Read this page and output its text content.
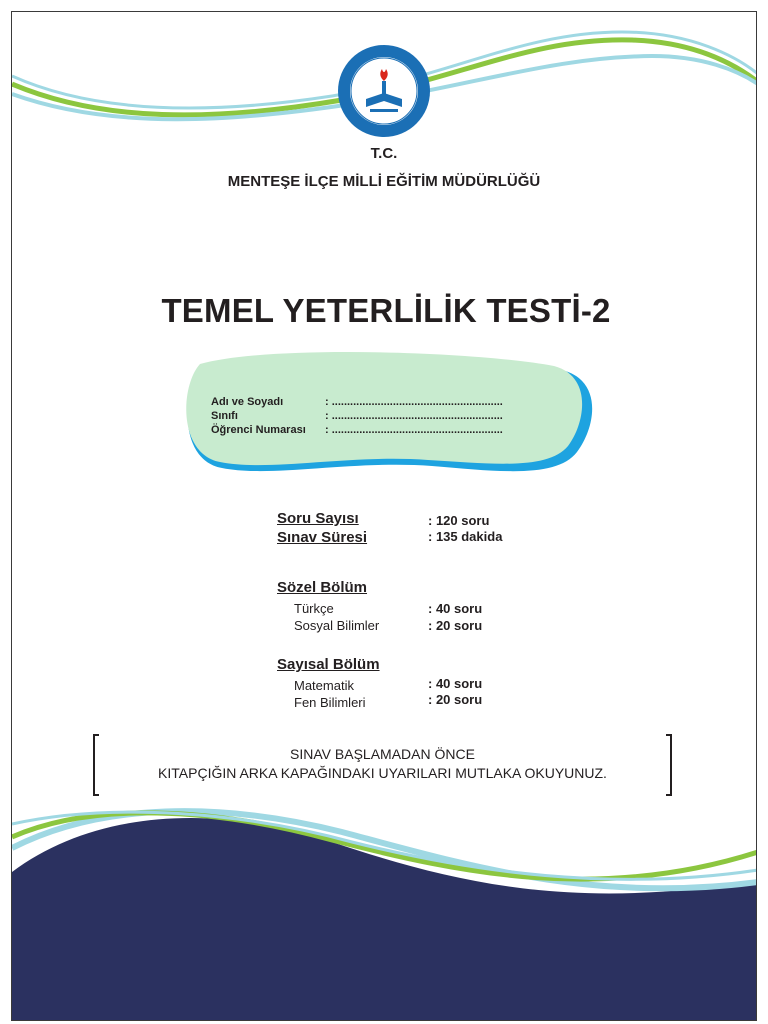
T.C.
MENTEŞE İLÇE MİLLİ EĞİTİM MÜDÜRLÜĞÜ
TEMEL YETERLİLİK TESTİ-2
Adı ve Soyadı	: ........................................................
Sınıfı	: ........................................................
Öğrenci Numarası : ........................................................
Soru Sayısı	: 120 soru
Sınav Süresi	: 135 dakida
Sözel Bölüm
Türkçe	: 40 soru
Sosyal Bilimler	: 20 soru
Sayısal Bölüm
Matematik	: 40 soru
Fen Bilimleri	: 20 soru
SINAV BAŞLAMADAN ÖNCE
KITAPÇIĞIN ARKA KAPAĞINDAKI UYARILARI MUTLAKA OKUYUNUZ.
